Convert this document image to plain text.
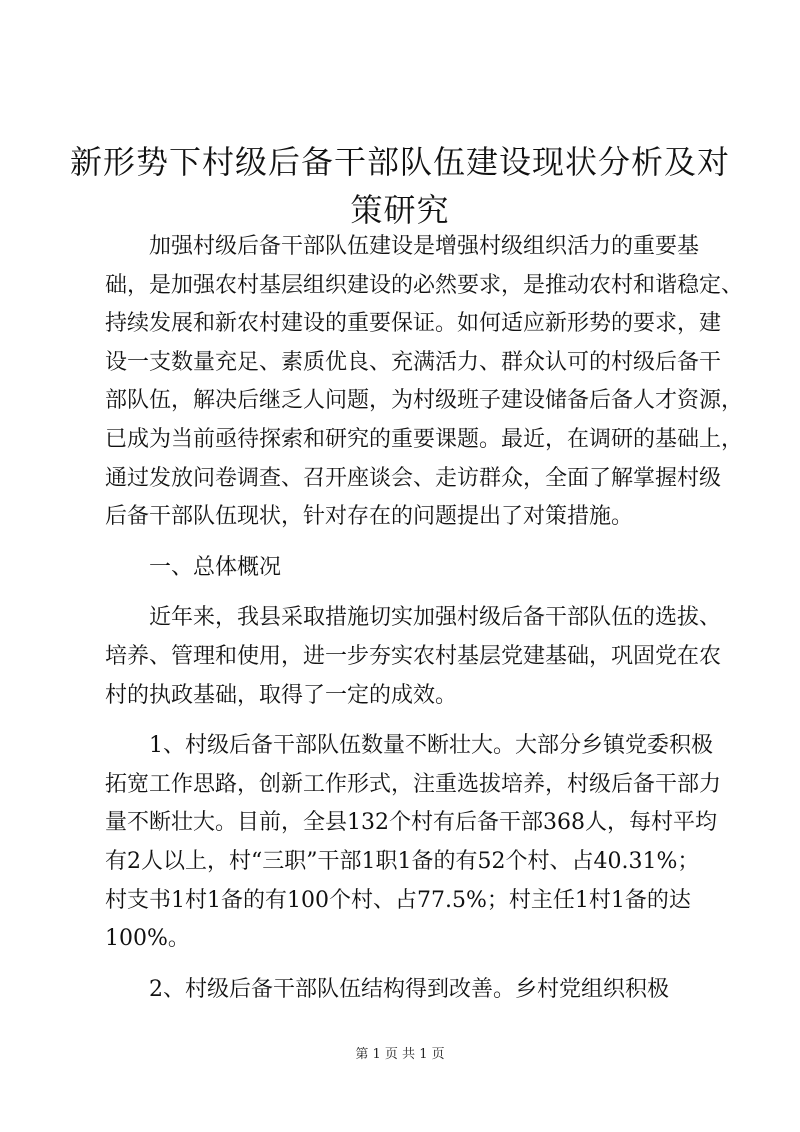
新形势下村级后备干部队伍建设现状分析及对
策研究
加强村级后备干部队伍建设是增强村级组织活力的重要基
础，是加强农村基层组织建设的必然要求，是推动农村和谐稳定、
持续发展和新农村建设的重要保证。如何适应新形势的要求，建
设一支数量充足、素质优良、充满活力、群众认可的村级后备干
部队伍，解决后继乏人问题，为村级班子建设储备后备人才资源，
已成为当前亟待探索和研究的重要课题。最近，在调研的基础上，
通过发放问卷调查、召开座谈会、走访群众，全面了解掌握村级
后备干部队伍现状，针对存在的问题提出了对策措施。
一、总体概况
近年来，我县采取措施切实加强村级后备干部队伍的选拔、
培养、管理和使用，进一步夯实农村基层党建基础，巩固党在农
村的执政基础，取得了一定的成效。
1、村级后备干部队伍数量不断壮大。大部分乡镇党委积极
拓宽工作思路，创新工作形式，注重选拔培养，村级后备干部力
量不断壮大。目前，全县132个村有后备干部368人，每村平均
有2人以上，村“三职”干部1职1备的有52个村、占40.31%；
村支书1村1备的有100个村、占77.5%；村主任1村1备的达
100%。
2、村级后备干部队伍结构得到改善。乡村党组织积极
第 1 页 共 1 页
